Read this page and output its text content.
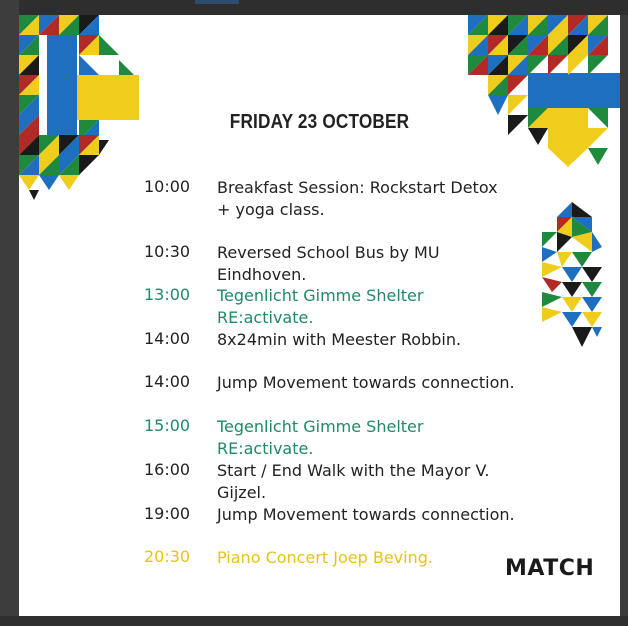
FRIDAY 23 OCTOBER
10:00 Breakfast Session: Rockstart Detox
+ yoga class.
10:30 Reversed School Bus by MU Eindhoven.
13:00 Tegenlicht Gimme Shelter RE:activate.
14:00 8x24min with Meester Robbin.
14:00 Jump Movement towards connection.
15:00 Tegenlicht Gimme Shelter RE:activate.
16:00 Start / End Walk with the Mayor V. Gijzel.
19:00 Jump Movement towards connection.
20:30 Piano Concert Joep Beving.	MATCH
